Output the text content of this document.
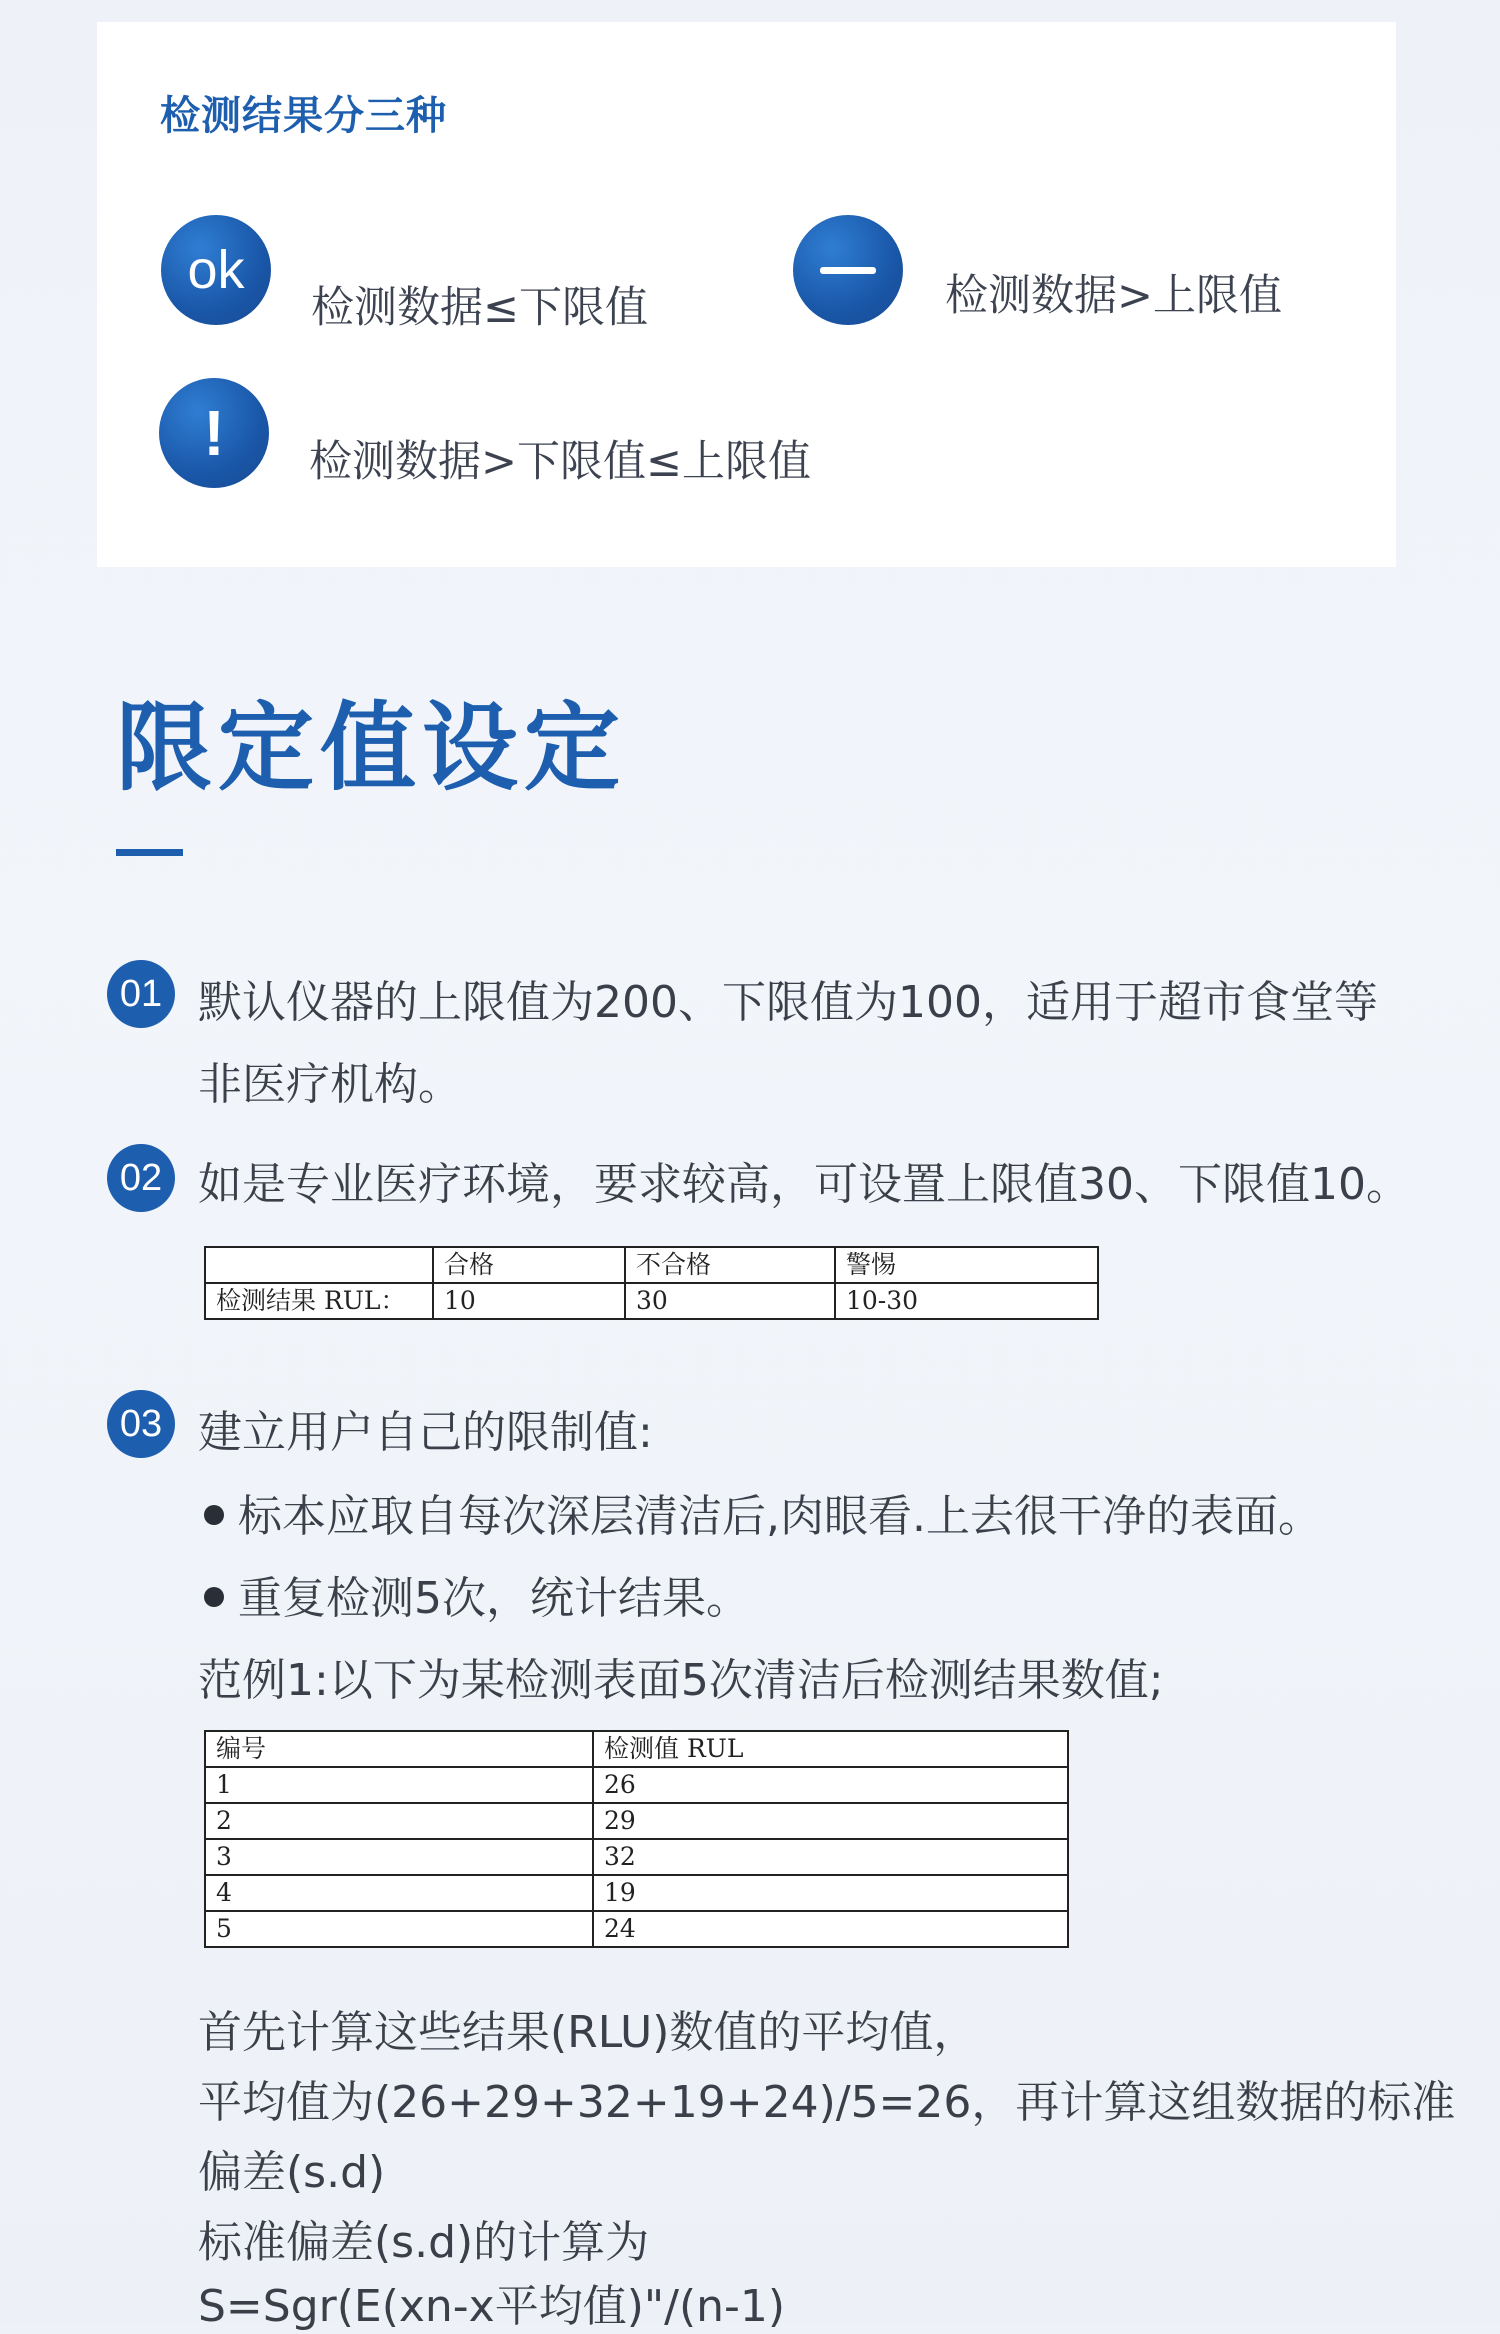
检测结果分三种
ok
检测数据≤下限值	检测数据>上限值
!	检测数据>下限值≤上限值
限定值设定
01 默认仪器的上限值为200、下限值为100，适用于超市食堂等
非医疗机构。
02 如是专业医疗环境，要求较高，可设置上限值30、下限值10。
	合格	不合格	警惕
检测结果 RUL：	10	30	10-30
03 建立用户自己的限制值:
标本应取自每次深层清洁后,肉眼看.上去很干净的表面。
重复检测5次，统计结果。
范例1:以下为某检测表面5次清洁后检测结果数值;
编号	检测值 RUL
1	26
2	29
3	32
4	19
5	24
首先计算这些结果(RLU)数值的平均值，
平均值为(26+29+32+19+24)/5=26，再计算这组数据的标准
偏差(s.d)
标准偏差(s.d)的计算为
S=Sgr(E(xn-x平均值)"/(n-1)
